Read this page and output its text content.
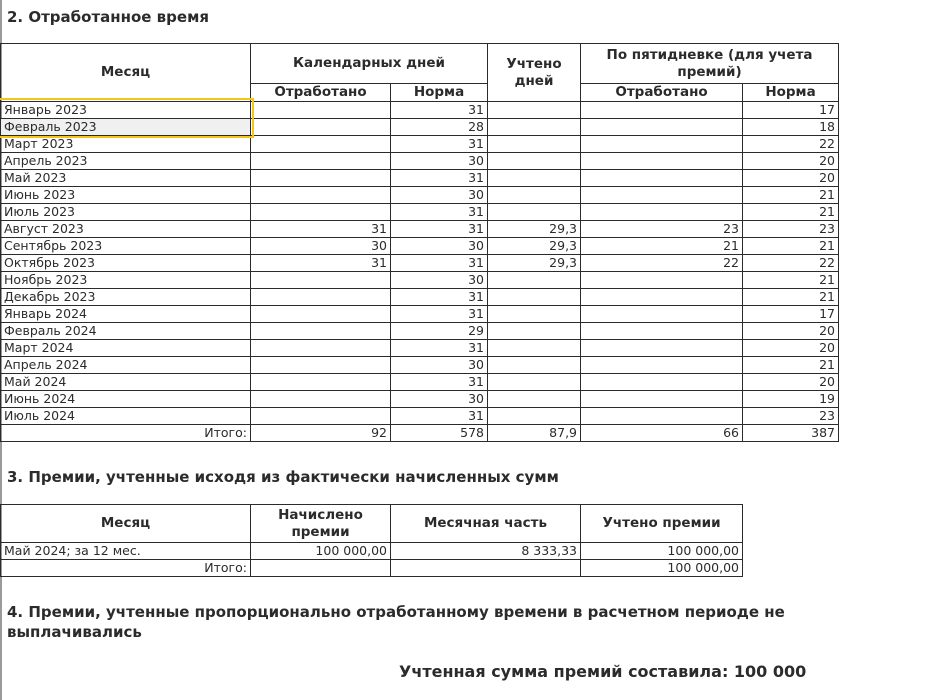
2. Отработанное время
Месяц	Календарных дней		Учтено дней	По пятидневке (для учета премий)	
	Отработано	Норма		Отработано	Норма
Январь 2023		31			17
Февраль 2023		28			18
Март 2023		31			22
Апрель 2023		30			20
Май 2023		31			20
Июнь 2023		30			21
Июль 2023		31			21
Август 2023	31	31	29,3	23	23
Сентябрь 2023	30	30	29,3	21	21
Октябрь 2023	31	31	29,3	22	22
Ноябрь 2023		30			21
Декабрь 2023		31			21
Январь 2024		31			17
Февраль 2024		29			20
Март 2024		31			20
Апрель 2024		30			21
Май 2024		31			20
Июнь 2024		30			19
Июль 2024		31			23
Итого:	92	578	87,9	66	387
3. Премии, учтенные исходя из фактически начисленных сумм
Месяц	Начислено премии	Месячная часть	Учтено премии
Май 2024; за 12 мес.	100 000,00	8 333,33	100 000,00
Итого:			100 000,00
4. Премии, учтенные пропорционально отработанному времени в расчетном периоде не выплачивались
Учтенная сумма премий составила: 100 000
